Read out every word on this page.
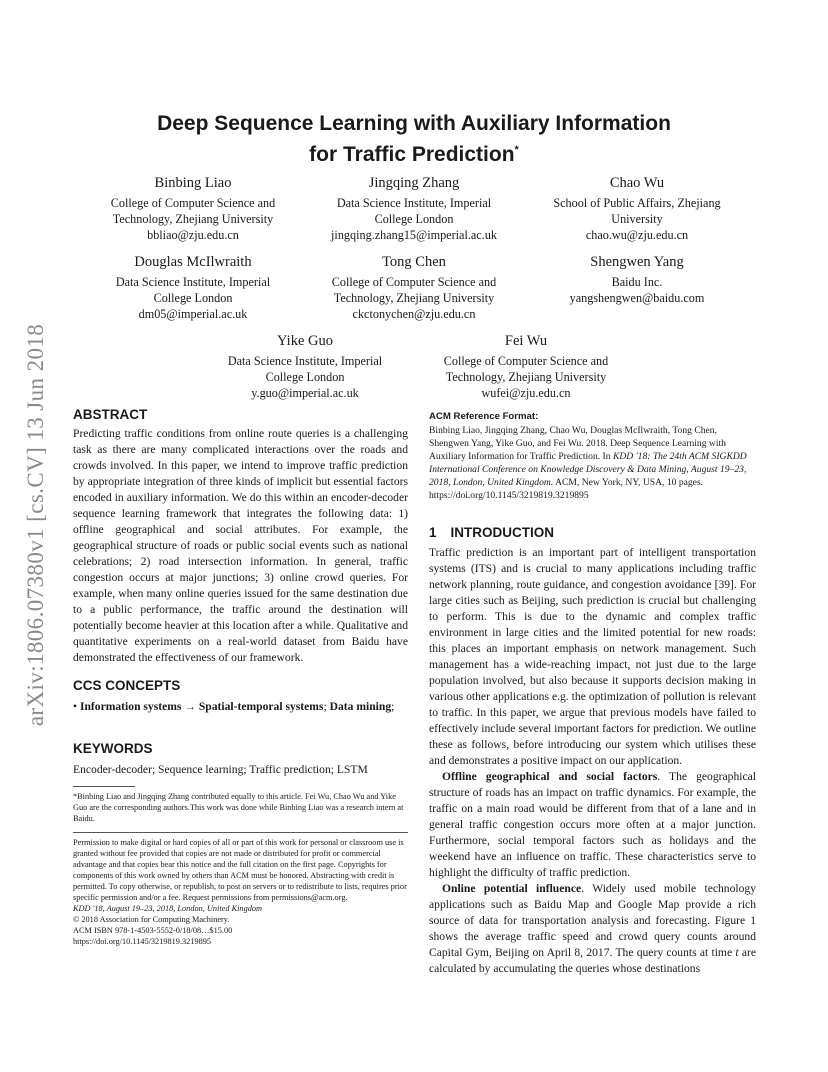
arXiv:1806.07380v1 [cs.CV] 13 Jun 2018
Deep Sequence Learning with Auxiliary Information
for Traffic Prediction*
Binbing Liao
College of Computer Science and
Technology, Zhejiang University
bbliao@zju.edu.cn
Jingqing Zhang
Data Science Institute, Imperial
College London
jingqing.zhang15@imperial.ac.uk
Chao Wu
School of Public Affairs, Zhejiang
University
chao.wu@zju.edu.cn
Douglas McIlwraith
Data Science Institute, Imperial
College London
dm05@imperial.ac.uk
Tong Chen
College of Computer Science and
Technology, Zhejiang University
ckctonychen@zju.edu.cn
Shengwen Yang
Baidu Inc.
yangshengwen@baidu.com
Yike Guo
Data Science Institute, Imperial
College London
y.guo@imperial.ac.uk
Fei Wu
College of Computer Science and
Technology, Zhejiang University
wufei@zju.edu.cn
ABSTRACT

Predicting traffic conditions from online route queries is a challenging task as there are many complicated interactions over the roads and crowds involved. In this paper, we intend to improve traffic prediction by appropriate integration of three kinds of implicit but essential factors encoded in auxiliary information. We do this within an encoder-decoder sequence learning framework that integrates the following data: 1) offline geographical and social attributes. For example, the geographical structure of roads or public social events such as national celebrations; 2) road intersection information. In general, traffic congestion occurs at major junctions; 3) online crowd queries. For example, when many online queries issued for the same destination due to a public performance, the traffic around the destination will potentially become heavier at this location after a while. Qualitative and quantitative experiments on a real-world dataset from Baidu have demonstrated the effectiveness of our framework.

CCS CONCEPTS

• Information systems → Spatial-temporal systems; Data mining;

KEYWORDS

Encoder-decoder; Sequence learning; Traffic prediction; LSTM

*Binbing Liao and Jingqing Zhang contributed equally to this article. Fei Wu, Chao Wu and Yike Guo are the corresponding authors.This work was done while Binbing Liao was a research intern at Baidu.

Permission to make digital or hard copies of all or part of this work for personal or classroom use is granted without fee provided that copies are not made or distributed for profit or commercial advantage and that copies bear this notice and the full citation on the first page. Copyrights for components of this work owned by others than ACM must be honored. Abstracting with credit is permitted. To copy otherwise, or republish, to post on servers or to redistribute to lists, requires prior specific permission and/or a fee. Request permissions from permissions@acm.org.

KDD '18, August 19–23, 2018, London, United Kingdom

© 2018 Association for Computing Machinery.

ACM ISBN 978-1-4503-5552-0/18/08…$15.00

https://doi.org/10.1145/3219819.3219895

ACM Reference Format:

Binbing Liao, Jingqing Zhang, Chao Wu, Douglas McIlwraith, Tong Chen, Shengwen Yang, Yike Guo, and Fei Wu. 2018. Deep Sequence Learning with Auxiliary Information for Traffic Prediction. In KDD '18: The 24th ACM SIGKDD International Conference on Knowledge Discovery & Data Mining, August 19–23, 2018, London, United Kingdom. ACM, New York, NY, USA, 10 pages. https://doi.org/10.1145/3219819.3219895

1 INTRODUCTION

Traffic prediction is an important part of intelligent transportation systems (ITS) and is crucial to many applications including traffic network planning, route guidance, and congestion avoidance [39]. For large cities such as Beijing, such prediction is crucial but challenging to perform. This is due to the dynamic and complex traffic environment in large cities and the limited potential for new roads: this places an important emphasis on network management. Such management has a wide-reaching impact, not just due to the large population involved, but also because it supports decision making in various other applications e.g. the optimization of pollution is relevant to traffic. In this paper, we argue that previous models have failed to effectively include several important factors for prediction. We outline these as follows, before introducing our system which utilises these and demonstrates a positive impact on our application.

Offline geographical and social factors. The geographical structure of roads has an impact on traffic dynamics. For example, the traffic on a main road would be different from that of a lane and in general traffic congestion occurs more often at a major junction. Furthermore, social temporal factors such as holidays and the weekend have an influence on traffic. These characteristics serve to highlight the difficulty of traffic prediction.

Online potential influence. Widely used mobile technology applications such as Baidu Map and Google Map provide a rich source of data for transportation analysis and forecasting. Figure 1 shows the average traffic speed and crowd query counts around Capital Gym, Beijing on April 8, 2017. The query counts at time t are calculated by accumulating the queries whose destinations
